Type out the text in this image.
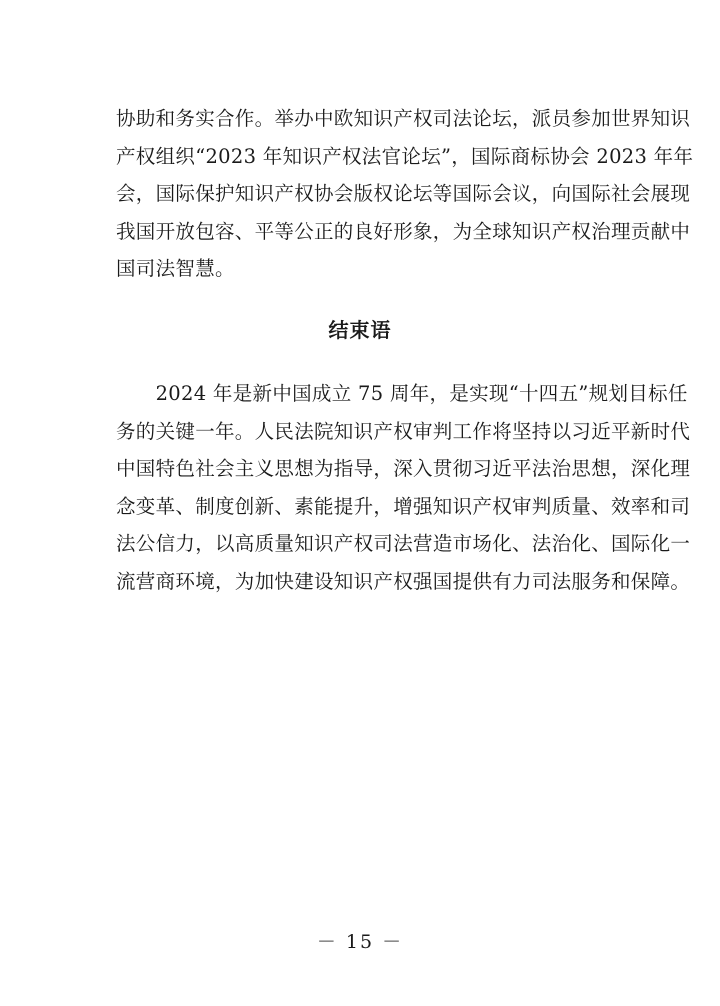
协助和务实合作。举办中欧知识产权司法论坛，派员参加世界知识
产权组织“2023 年知识产权法官论坛”，国际商标协会 2023 年年
会，国际保护知识产权协会版权论坛等国际会议，向国际社会展现
我国开放包容、平等公正的良好形象，为全球知识产权治理贡献中
国司法智慧。

结束语

　　2024 年是新中国成立 75 周年，是实现“十四五”规划目标任
务的关键一年。人民法院知识产权审判工作将坚持以习近平新时代
中国特色社会主义思想为指导，深入贯彻习近平法治思想，深化理
念变革、制度创新、素能提升，增强知识产权审判质量、效率和司
法公信力，以高质量知识产权司法营造市场化、法治化、国际化一
流营商环境，为加快建设知识产权强国提供有力司法服务和保障。

－ 15 －
